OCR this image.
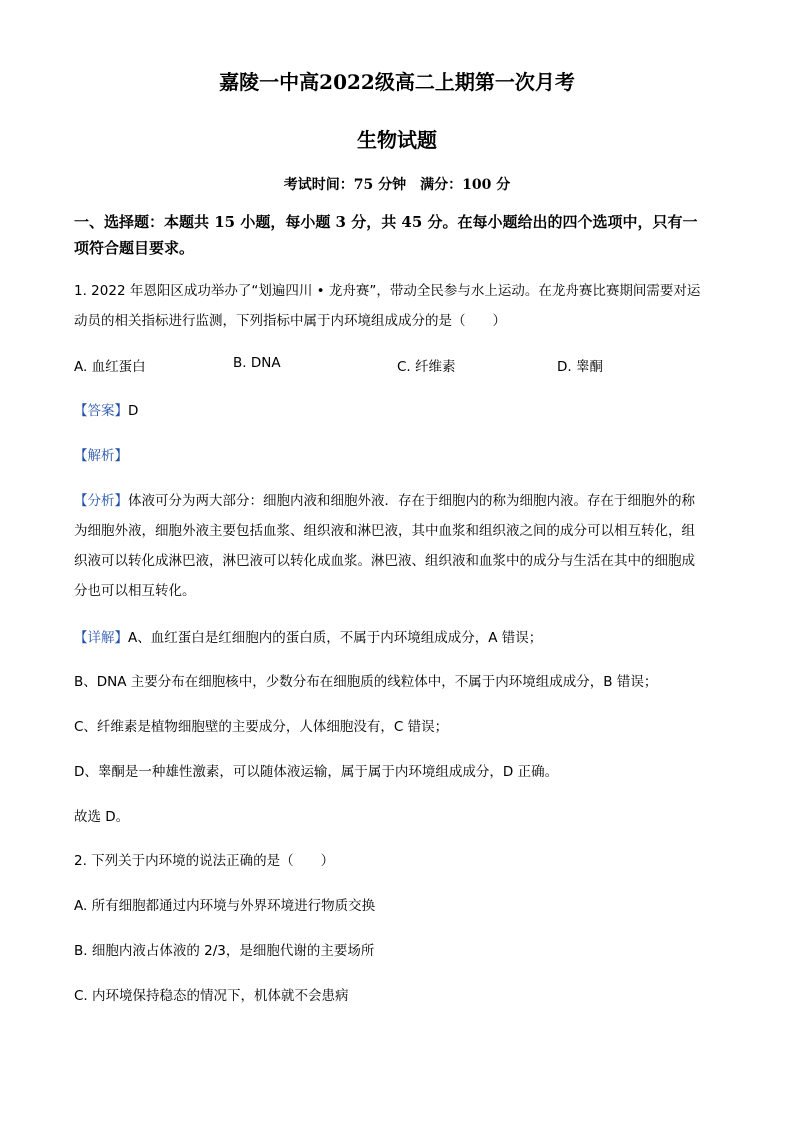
嘉陵一中高2022级高二上期第一次月考
生物试题
考试时间：75 分钟　满分：100 分
一、选择题：本题共 15 小题，每小题 3 分，共 45 分。在每小题给出的四个选项中，只有一
项符合题目要求。
1. 2022 年恩阳区成功举办了“划遍四川 • 龙舟赛”，带动全民参与水上运动。在龙舟赛比赛期间需要对运
动员的相关指标进行监测，下列指标中属于内环境组成成分的是（　　）
A. 血红蛋白	B. DNA	C. 纤维素	D. 睾酮
【答案】D
【解析】
【分析】体液可分为两大部分：细胞内液和细胞外液．存在于细胞内的称为细胞内液。存在于细胞外的称
为细胞外液，细胞外液主要包括血浆、组织液和淋巴液，其中血浆和组织液之间的成分可以相互转化，组
织液可以转化成淋巴液，淋巴液可以转化成血浆。淋巴液、组织液和血浆中的成分与生活在其中的细胞成
分也可以相互转化。
【详解】A、血红蛋白是红细胞内的蛋白质，不属于内环境组成成分，A 错误；
B、DNA 主要分布在细胞核中，少数分布在细胞质的线粒体中，不属于内环境组成成分，B 错误；
C、纤维素是植物细胞壁的主要成分，人体细胞没有，C 错误；
D、睾酮是一种雄性激素，可以随体液运输，属于属于内环境组成成分，D 正确。
故选 D。
2. 下列关于内环境的说法正确的是（　　）
A. 所有细胞都通过内环境与外界环境进行物质交换
B. 细胞内液占体液的 2/3，是细胞代谢的主要场所
C. 内环境保持稳态的情况下，机体就不会患病
